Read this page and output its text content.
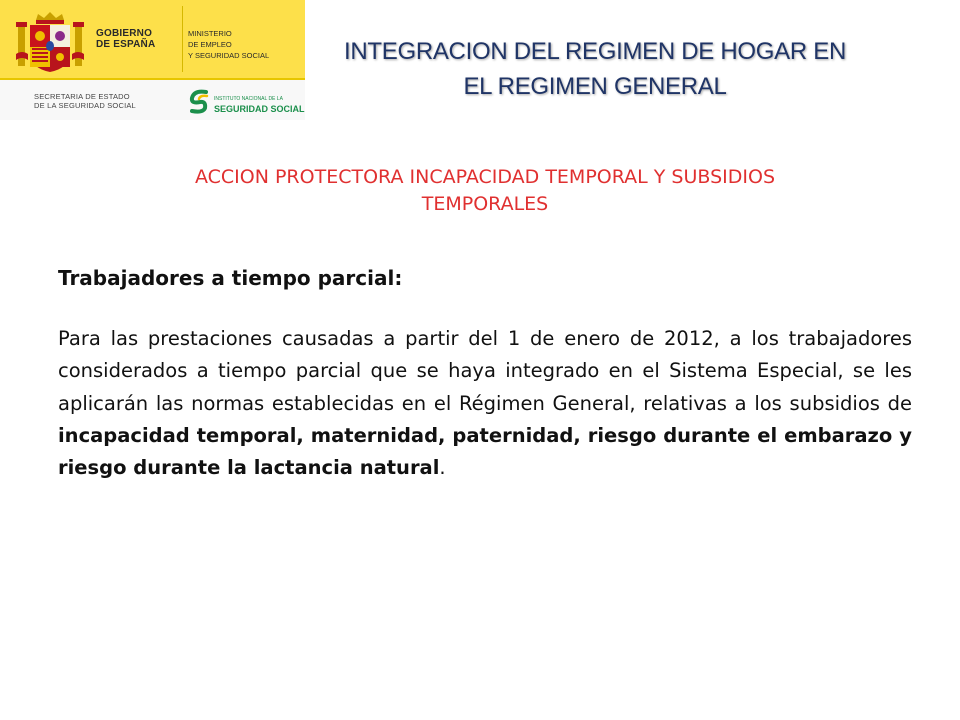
GOBIERNO
DE ESPAÑA
MINISTERIO
DE EMPLEO
Y SEGURIDAD SOCIAL
SECRETARIA DE ESTADO
DE LA SEGURIDAD SOCIAL
INSTITUTO NACIONAL DE LA
SEGURIDAD SOCIAL
INTEGRACION DEL REGIMEN DE HOGAR EN
EL REGIMEN GENERAL
ACCION PROTECTORA INCAPACIDAD TEMPORAL Y SUBSIDIOS
TEMPORALES
Trabajadores a tiempo parcial:
Para las prestaciones causadas a partir del 1 de enero de 2012, a los trabajadores considerados a tiempo parcial que se haya integrado en el Sistema Especial, se les aplicarán las normas establecidas en el Régimen General, relativas a los subsidios de incapacidad temporal, maternidad, paternidad, riesgo durante el embarazo y riesgo durante la lactancia natural.
